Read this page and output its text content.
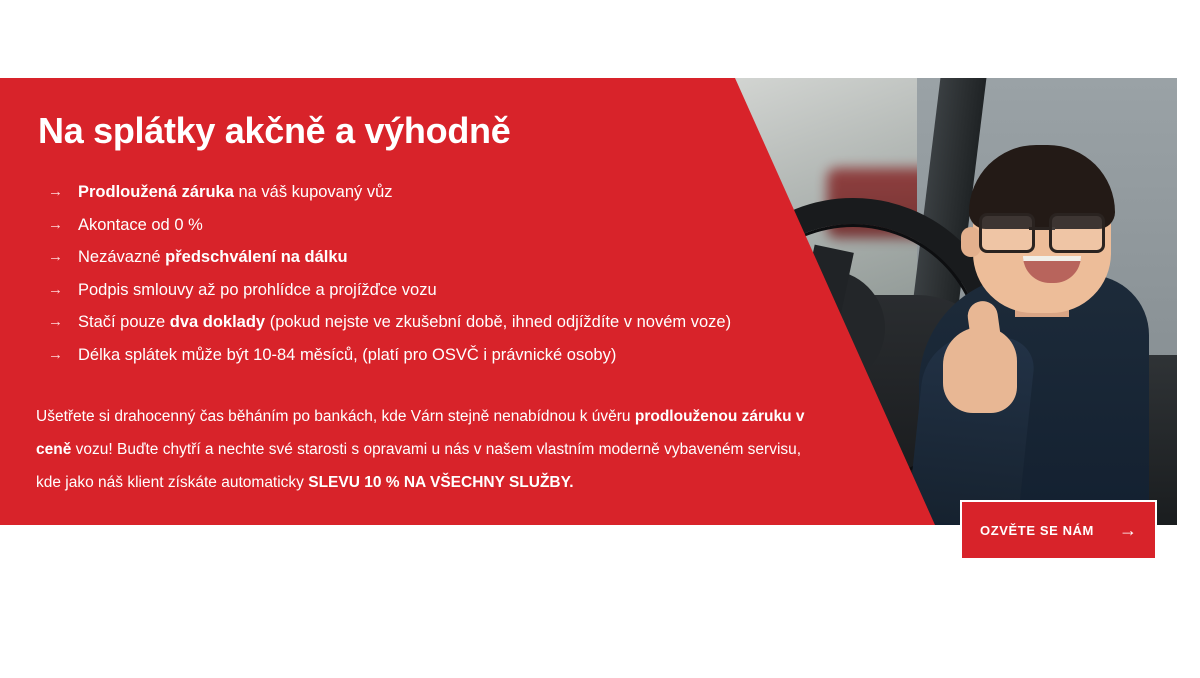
Na splátky akčně a výhodně
→ Prodloužená záruka na váš kupovaný vůz
→ Akontace od 0 %
→ Nezávazné předschválení na dálku
→ Podpis smlouvy až po prohlídce a projížďce vozu
→ Stačí pouze dva doklady (pokud nejste ve zkušební době, ihned odjíždíte v novém voze)
→ Délka splátek může být 10-84 měsíců, (platí pro OSVČ i právnické osoby)
Ušetřete si drahocenný čas běháním po bankách, kde Várn stejně nenabídnou k úvěru prodlouženou záruku v ceně vozu! Buďte chytří a nechte své starosti s opravami u nás v našem vlastním moderně vybaveném servisu, kde jako náš klient získáte automaticky SLEVU 10 % NA VŠECHNY SLUŽBY.
OZVĚTE SE NÁM →
